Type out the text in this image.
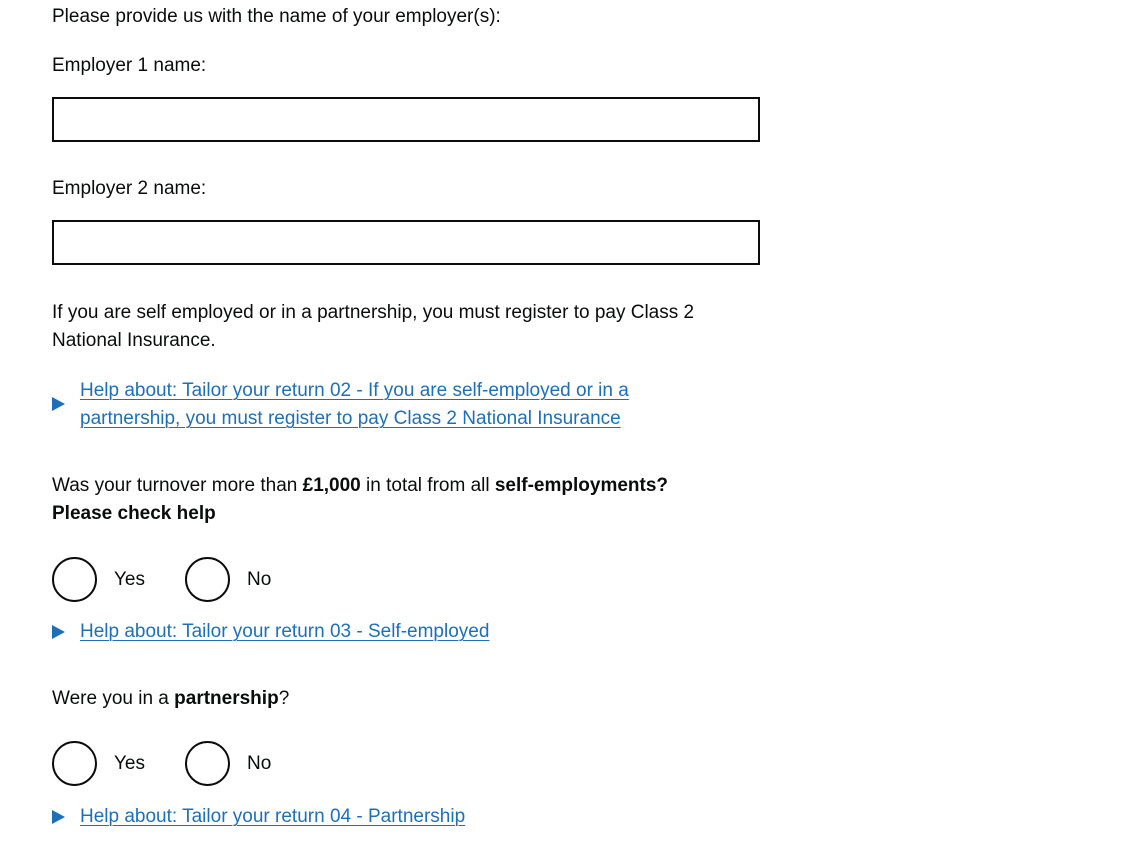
Please provide us with the name of your employer(s):

Employer 1 name:

Employer 2 name:

If you are self employed or in a partnership, you must register to pay Class 2 National Insurance.

Help about: Tailor your return 02 - If you are self-employed or in a partnership, you must register to pay Class 2 National Insurance

Was your turnover more than £1,000 in total from all self-employments?
Please check help

Yes	No
Help about: Tailor your return 03 - Self-employed

Were you in a partnership?

Yes	No
Help about: Tailor your return 04 - Partnership
